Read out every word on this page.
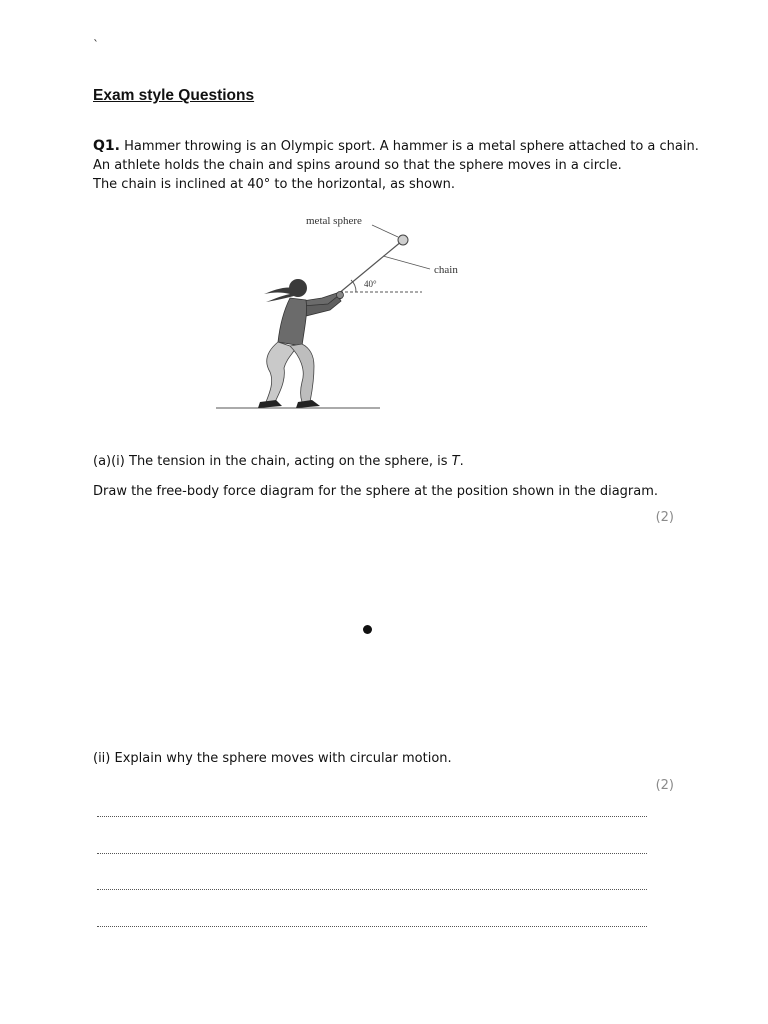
`
Exam style Questions
Q1. Hammer throwing is an Olympic sport. A hammer is a metal sphere attached to a chain.
An athlete holds the chain and spins around so that the sphere moves in a circle.
The chain is inclined at 40° to the horizontal, as shown.
metal sphere
chain
40°
(a)(i) The tension in the chain, acting on the sphere, is T.
Draw the free-body force diagram for the sphere at the position shown in the diagram.
(2)
(ii) Explain why the sphere moves with circular motion.
(2)
